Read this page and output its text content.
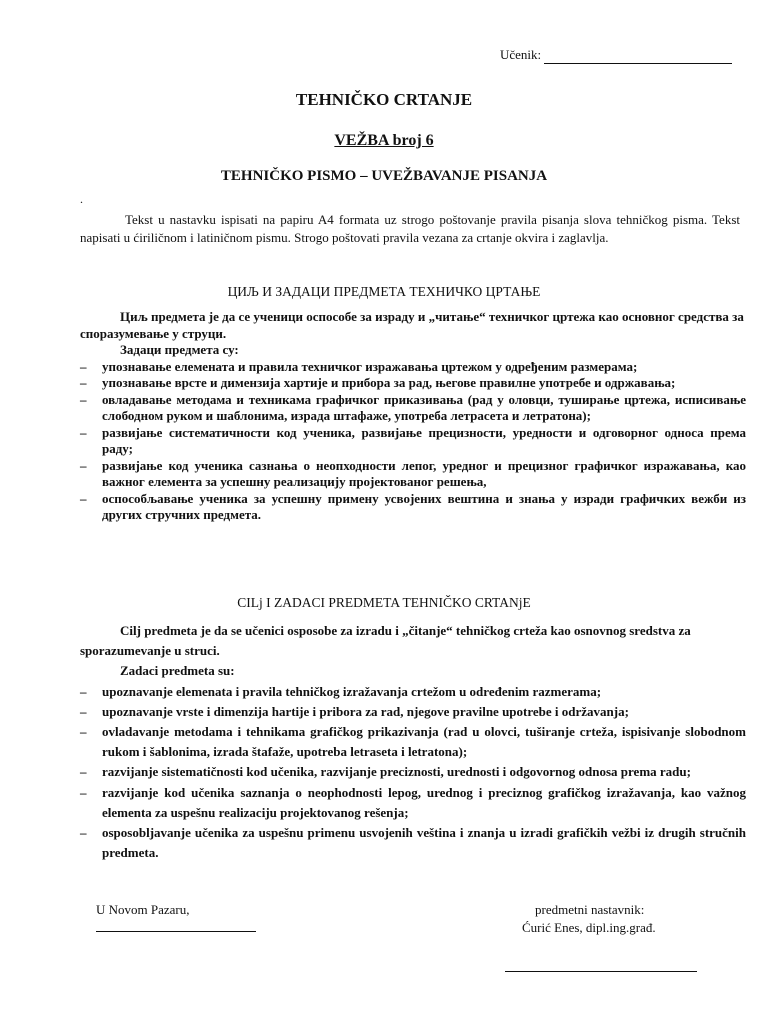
Učenik:
TEHNIČKO CRTANJE
VEŽBA broj 6
TEHNIČKO PISMO – UVEŽBAVANJE PISANJA
.
Tekst u nastavku ispisati na papiru A4 formata uz strogo poštovanje pravila pisanja slova tehničkog pisma. Tekst napisati u ćiriličnom i latiničnom pismu. Strogo poštovati pravila vezana za crtanje okvira i zaglavlja.
ЦИЉ И ЗАДАЦИ ПРЕДМЕТА ТЕХНИЧКО ЦРТАЊЕ

Циљ предмета је да се ученици оспособе за израду и „читање“ техничког цртежа као основног средства за споразумевање у струци.

Задаци предмета су:

– упознавање елемената и правила техничког изражавања цртежом у одређеним размерама;
– упознавање врсте и димензија хартије и прибора за рад, његове правилне употребе и одржавања;
– овладавање методама и техникама графичког приказивања (рад у оловци, туширање цртежа, исписивање слободном руком и шаблонима, израда штафаже, употреба летрасета и летратона);
– развијање систематичности код ученика, развијање прецизности, уредности и одговорног односа према раду;
– развијање код ученика сазнања о неопходности лепог, уредног и прецизног графичког изражавања, као важног елемента за успешну реализацију пројектованог решења,
– оспособљавање ученика за успешну примену усвојених вештина и знања у изради графичких вежби из других стручних предмета.
CILj I ZADACI PREDMETA TEHNIČKO CRTANjE

Cilj predmeta je da se učenici osposobe za izradu i „čitanje“ tehničkog crteža kao osnovnog sredstva za sporazumevanje u struci.

Zadaci predmeta su:

– upoznavanje elemenata i pravila tehničkog izražavanja crtežom u određenim razmerama;
– upoznavanje vrste i dimenzija hartije i pribora za rad, njegove pravilne upotrebe i održavanja;
– ovladavanje metodama i tehnikama grafičkog prikazivanja (rad u olovci, tuširanje crteža, ispisivanje slobodnom rukom i šablonima, izrada štafaže, upotreba letraseta i letratona);
– razvijanje sistematičnosti kod učenika, razvijanje preciznosti, urednosti i odgovornog odnosa prema radu;
– razvijanje kod učenika saznanja o neophodnosti lepog, urednog i preciznog grafičkog izražavanja, kao važnog elementa za uspešnu realizaciju projektovanog rešenja;
– osposobljavanje učenika za uspešnu primenu usvojenih veština i znanja u izradi grafičkih vežbi iz drugih stručnih predmeta.
U Novom Pazaru,	predmetni nastavnik:
Ćurić Enes, dipl.ing.građ.
